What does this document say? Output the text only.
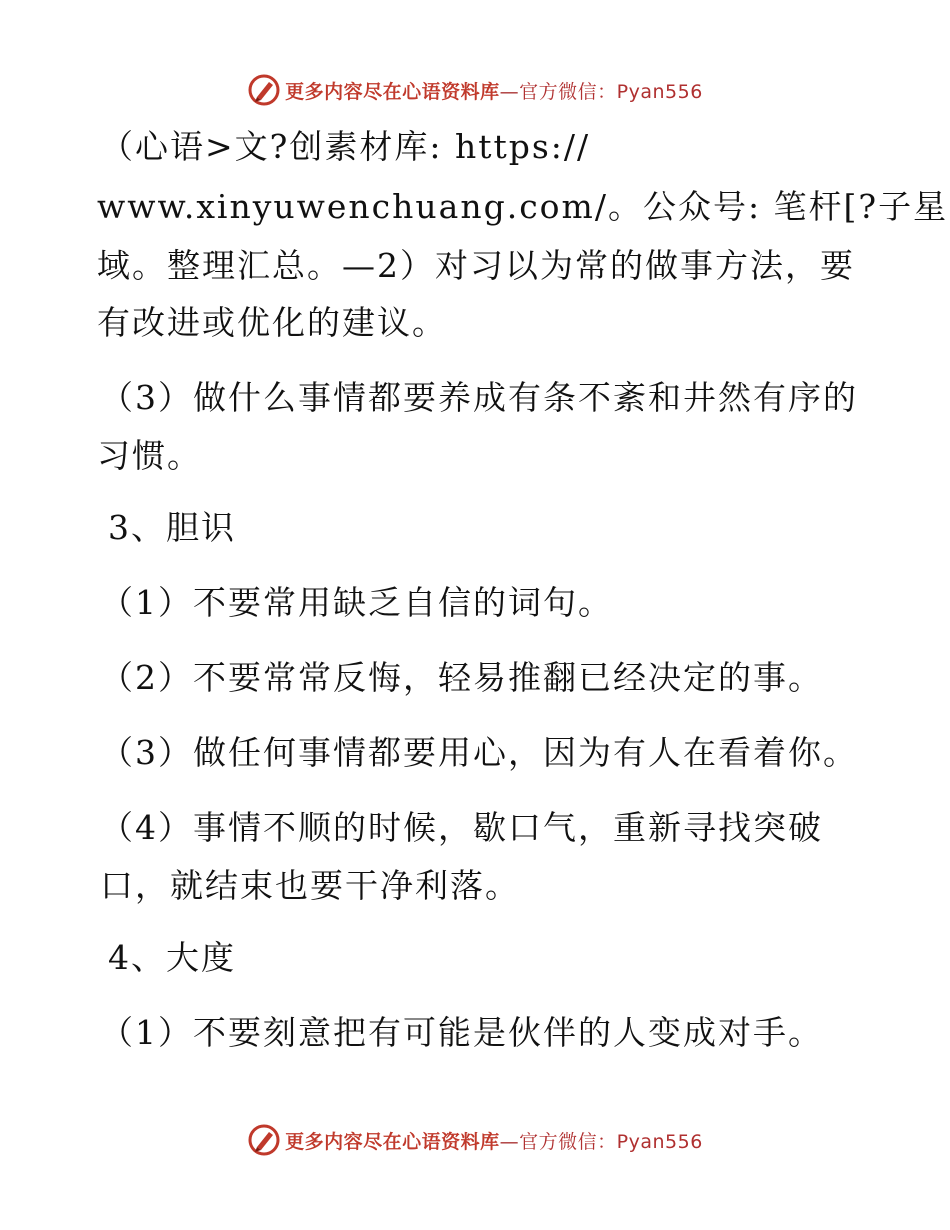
更多内容尽在心语资料库—官方微信：Pyan556
（心语>文?创素材库: https://
www.xinyuwenchuang.com/。公众号: 笔杆[?子星
域。整理汇总。—2）对习以为常的做事方法，要
有改进或优化的建议。
（3）做什么事情都要养成有条不紊和井然有序的
习惯。
3、胆识
（1）不要常用缺乏自信的词句。
（2）不要常常反悔，轻易推翻已经决定的事。
（3）做任何事情都要用心，因为有人在看着你。
（4）事情不顺的时候，歇口气，重新寻找突破
口，就结束也要干净利落。
4、大度
（1）不要刻意把有可能是伙伴的人变成对手。
更多内容尽在心语资料库—官方微信：Pyan556
